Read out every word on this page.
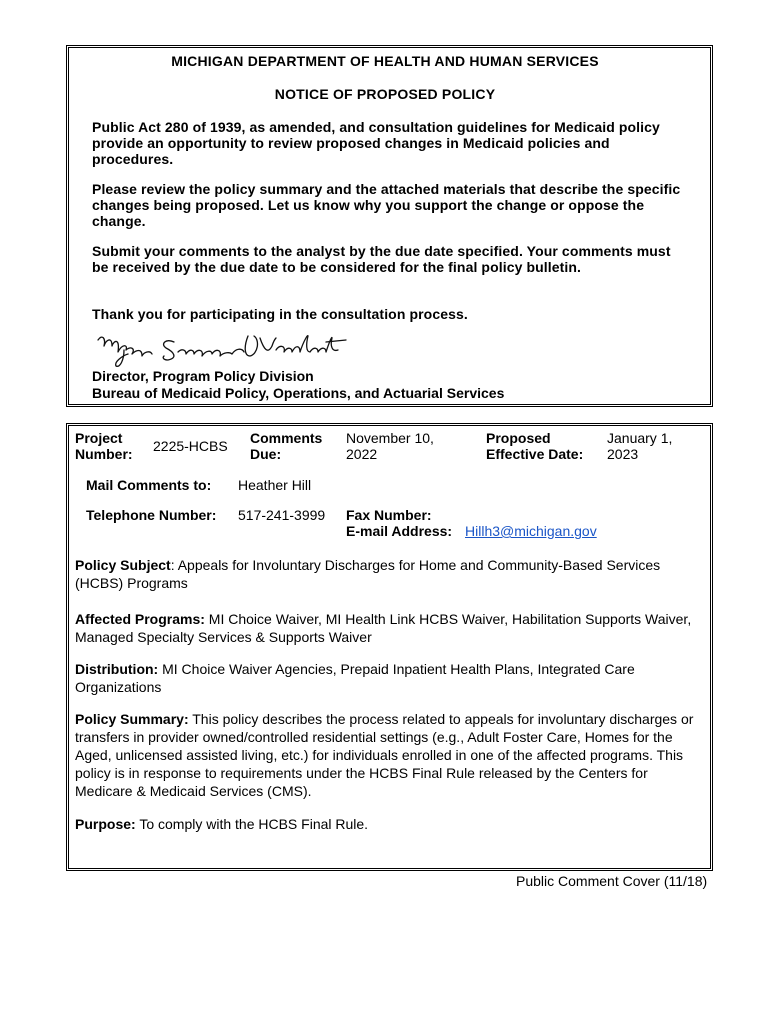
MICHIGAN DEPARTMENT OF HEALTH AND HUMAN SERVICES
NOTICE OF PROPOSED POLICY
Public Act 280 of 1939, as amended, and consultation guidelines for Medicaid policy provide an opportunity to review proposed changes in Medicaid policies and procedures.
Please review the policy summary and the attached materials that describe the specific changes being proposed. Let us know why you support the change or oppose the change.
Submit your comments to the analyst by the due date specified. Your comments must be received by the due date to be considered for the final policy bulletin.
Thank you for participating in the consultation process.
Director, Program Policy Division
Bureau of Medicaid Policy, Operations, and Actuarial Services
Project
Number: 2225-HCBS Comments
Due:
November 10,
2022
Proposed
Effective Date:
January 1,
2023
Mail Comments to: Heather Hill
Telephone Number: 517-241-3999 Fax Number:
E-mail Address: Hillh3@michigan.gov
Policy Subject: Appeals for Involuntary Discharges for Home and Community-Based Services (HCBS) Programs
Affected Programs: MI Choice Waiver, MI Health Link HCBS Waiver, Habilitation Supports Waiver, Managed Specialty Services & Supports Waiver
Distribution: MI Choice Waiver Agencies, Prepaid Inpatient Health Plans, Integrated Care Organizations
Policy Summary: This policy describes the process related to appeals for involuntary discharges or transfers in provider owned/controlled residential settings (e.g., Adult Foster Care, Homes for the Aged, unlicensed assisted living, etc.) for individuals enrolled in one of the affected programs. This policy is in response to requirements under the HCBS Final Rule released by the Centers for Medicare & Medicaid Services (CMS).
Purpose: To comply with the HCBS Final Rule.
Public Comment Cover (11/18)
